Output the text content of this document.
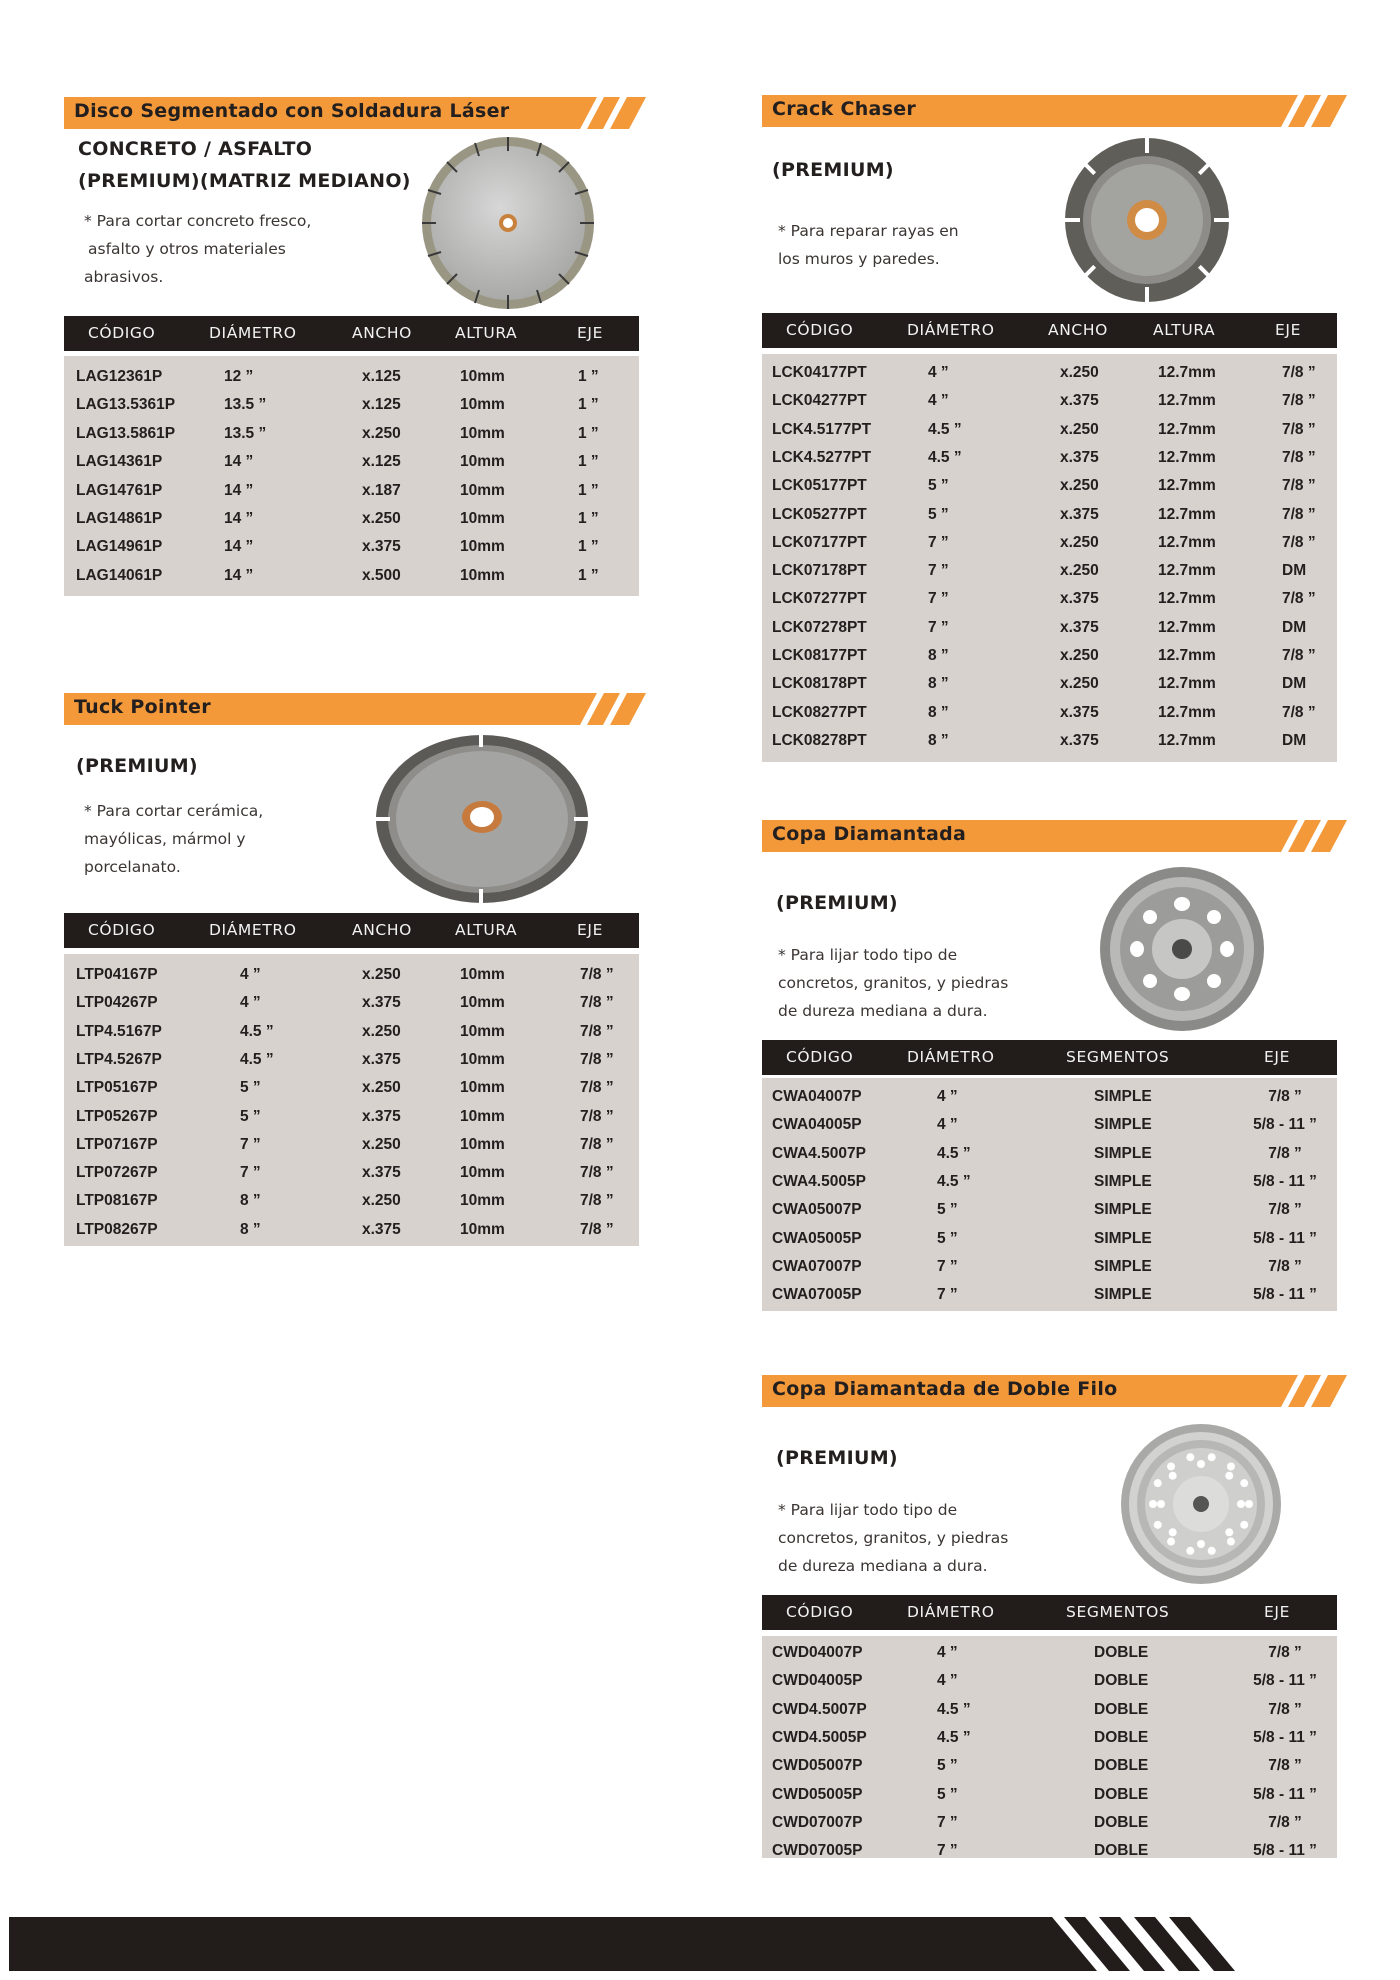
Disco Segmentado con Soldadura Láser
CONCRETO / ASFALTO
(PREMIUM)(MATRIZ MEDIANO)
* Para cortar concreto fresco,
asfalto y otros materiales
abrasivos.
CÓDIGO	DIÁMETRO	ANCHO	ALTURA	EJE
LAG12361P	12 ”	x.125	10mm	1 ”
LAG13.5361P	13.5 ”	x.125	10mm	1 ”
LAG13.5861P	13.5 ”	x.250	10mm	1 ”
LAG14361P	14 ”	x.125	10mm	1 ”
LAG14761P	14 ”	x.187	10mm	1 ”
LAG14861P	14 ”	x.250	10mm	1 ”
LAG14961P	14 ”	x.375	10mm	1 ”
LAG14061P	14 ”	x.500	10mm	1 ”
Tuck Pointer
(PREMIUM)
* Para cortar cerámica,
mayólicas, mármol y
porcelanato.
CÓDIGO	DIÁMETRO	ANCHO	ALTURA	EJE
LTP04167P	4 ”	x.250	10mm	7/8 ”
LTP04267P	4 ”	x.375	10mm	7/8 ”
LTP4.5167P	4.5 ”	x.250	10mm	7/8 ”
LTP4.5267P	4.5 ”	x.375	10mm	7/8 ”
LTP05167P	5 ”	x.250	10mm	7/8 ”
LTP05267P	5 ”	x.375	10mm	7/8 ”
LTP07167P	7 ”	x.250	10mm	7/8 ”
LTP07267P	7 ”	x.375	10mm	7/8 ”
LTP08167P	8 ”	x.250	10mm	7/8 ”
LTP08267P	8 ”	x.375	10mm	7/8 ”
Crack Chaser
(PREMIUM)
* Para reparar rayas en
los muros y paredes.
CÓDIGO	DIÁMETRO	ANCHO	ALTURA	EJE
LCK04177PT	4 ”	x.250	12.7mm	7/8 ”
LCK04277PT	4 ”	x.375	12.7mm	7/8 ”
LCK4.5177PT	4.5 ”	x.250	12.7mm	7/8 ”
LCK4.5277PT	4.5 ”	x.375	12.7mm	7/8 ”
LCK05177PT	5 ”	x.250	12.7mm	7/8 ”
LCK05277PT	5 ”	x.375	12.7mm	7/8 ”
LCK07177PT	7 ”	x.250	12.7mm	7/8 ”
LCK07178PT	7 ”	x.250	12.7mm	DM
LCK07277PT	7 ”	x.375	12.7mm	7/8 ”
LCK07278PT	7 ”	x.375	12.7mm	DM
LCK08177PT	8 ”	x.250	12.7mm	7/8 ”
LCK08178PT	8 ”	x.250	12.7mm	DM
LCK08277PT	8 ”	x.375	12.7mm	7/8 ”
LCK08278PT	8 ”	x.375	12.7mm	DM
Copa Diamantada
(PREMIUM)
* Para lijar todo tipo de
concretos, granitos, y piedras
de dureza mediana a dura.
CÓDIGO	DIÁMETRO	SEGMENTOS	EJE
CWA04007P	4 ”	SIMPLE	7/8 ”
CWA04005P	4 ”	SIMPLE	5/8 - 11 ”
CWA4.5007P	4.5 ”	SIMPLE	7/8 ”
CWA4.5005P	4.5 ”	SIMPLE	5/8 - 11 ”
CWA05007P	5 ”	SIMPLE	7/8 ”
CWA05005P	5 ”	SIMPLE	5/8 - 11 ”
CWA07007P	7 ”	SIMPLE	7/8 ”
CWA07005P	7 ”	SIMPLE	5/8 - 11 ”
Copa Diamantada de Doble Filo
(PREMIUM)
* Para lijar todo tipo de
concretos, granitos, y piedras
de dureza mediana a dura.
CÓDIGO	DIÁMETRO	SEGMENTOS	EJE
CWD04007P	4 ”	DOBLE	7/8 ”
CWD04005P	4 ”	DOBLE	5/8 - 11 ”
CWD4.5007P	4.5 ”	DOBLE	7/8 ”
CWD4.5005P	4.5 ”	DOBLE	5/8 - 11 ”
CWD05007P	5 ”	DOBLE	7/8 ”
CWD05005P	5 ”	DOBLE	5/8 - 11 ”
CWD07007P	7 ”	DOBLE	7/8 ”
CWD07005P	7 ”	DOBLE	5/8 - 11 ”
